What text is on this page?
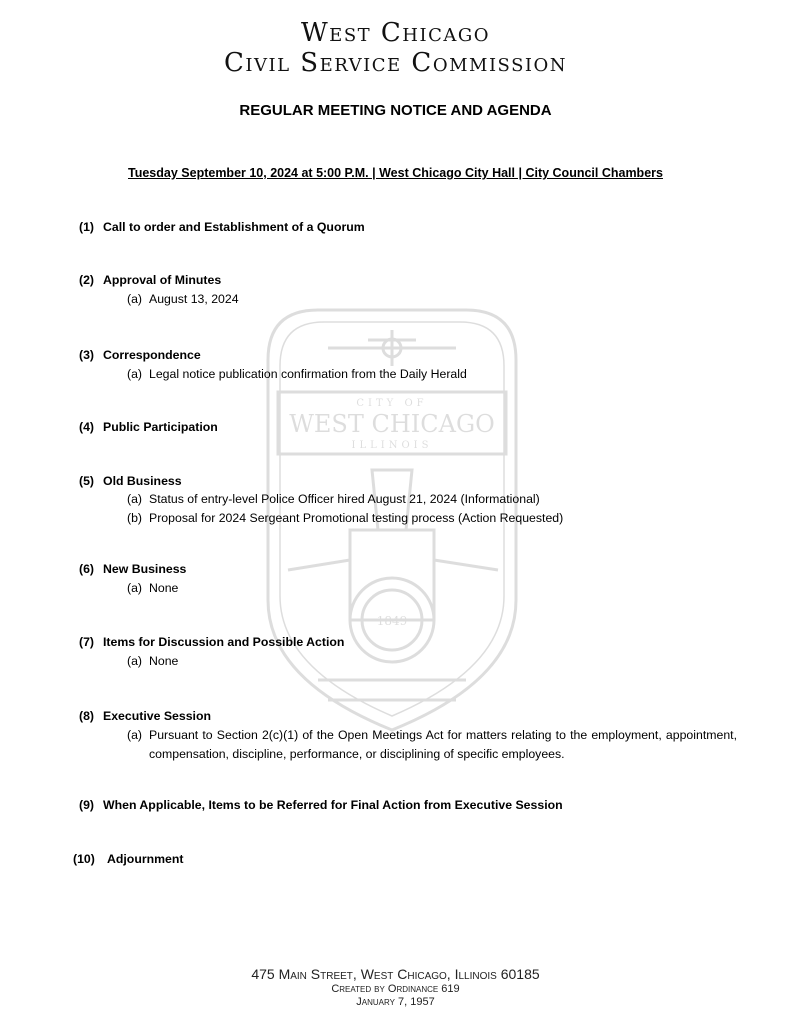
CITY OF
WEST CHICAGO
ILLINOIS
1849
West Chicago
Civil Service Commission
REGULAR MEETING NOTICE AND AGENDA
Tuesday September 10, 2024 at 5:00 P.M. | West Chicago City Hall | City Council Chambers
(1) Call to order and Establishment of a Quorum
(2) Approval of Minutes
(a) August 13, 2024
(3) Correspondence
(a) Legal notice publication confirmation from the Daily Herald
(4) Public Participation
(5) Old Business
(a) Status of entry-level Police Officer hired August 21, 2024 (Informational)
(b) Proposal for 2024 Sergeant Promotional testing process (Action Requested)
(6) New Business
(a) None
(7) Items for Discussion and Possible Action
(a) None
(8) Executive Session
(a) Pursuant to Section 2(c)(1) of the Open Meetings Act for matters relating to the employment, appointment, compensation, discipline, performance, or disciplining of specific employees.
(9) When Applicable, Items to be Referred for Final Action from Executive Session
(10) Adjournment
475 Main Street, West Chicago, Illinois 60185
Created by Ordinance 619
January 7, 1957
